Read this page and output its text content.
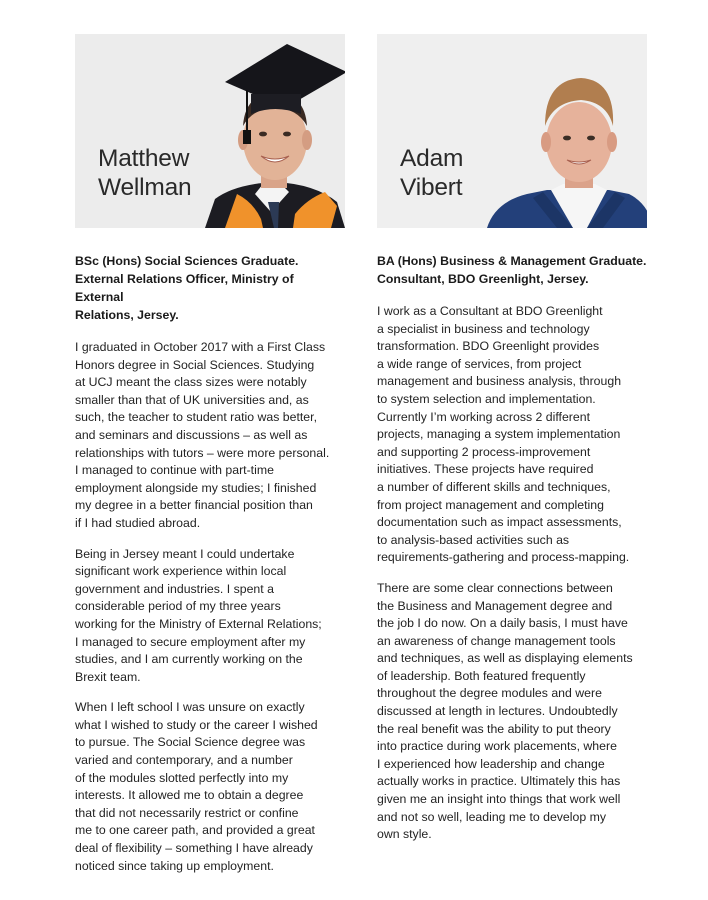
Matthew
Wellman
BSc (Hons) Social Sciences Graduate.
External Relations Officer, Ministry of External
Relations, Jersey.
I graduated in October 2017 with a First Class
Honors degree in Social Sciences. Studying
at UCJ meant the class sizes were notably
smaller than that of UK universities and, as
such, the teacher to student ratio was better,
and seminars and discussions – as well as
relationships with tutors – were more personal.
I managed to continue with part-time
employment alongside my studies; I finished
my degree in a better financial position than
if I had studied abroad.
Being in Jersey meant I could undertake
significant work experience within local
government and industries. I spent a
considerable period of my three years
working for the Ministry of External Relations;
I managed to secure employment after my
studies, and I am currently working on the
Brexit team.
When I left school I was unsure on exactly
what I wished to study or the career I wished
to pursue. The Social Science degree was
varied and contemporary, and a number
of the modules slotted perfectly into my
interests. It allowed me to obtain a degree
that did not necessarily restrict or confine
me to one career path, and provided a great
deal of flexibility – something I have already
noticed since taking up employment.
Adam
Vibert
BA (Hons) Business & Management Graduate.
Consultant, BDO Greenlight, Jersey.
I work as a Consultant at BDO Greenlight
a specialist in business and technology
transformation. BDO Greenlight provides
a wide range of services, from project
management and business analysis, through
to system selection and implementation.
Currently I’m working across 2 different
projects, managing a system implementation
and supporting 2 process-improvement
initiatives. These projects have required
a number of different skills and techniques,
from project management and completing
documentation such as impact assessments,
to analysis-based activities such as
requirements-gathering and process-mapping.
There are some clear connections between
the Business and Management degree and
the job I do now. On a daily basis, I must have
an awareness of change management tools
and techniques, as well as displaying elements
of leadership. Both featured frequently
throughout the degree modules and were
discussed at length in lectures. Undoubtedly
the real benefit was the ability to put theory
into practice during work placements, where
I experienced how leadership and change
actually works in practice. Ultimately this has
given me an insight into things that work well
and not so well, leading me to develop my
own style.
